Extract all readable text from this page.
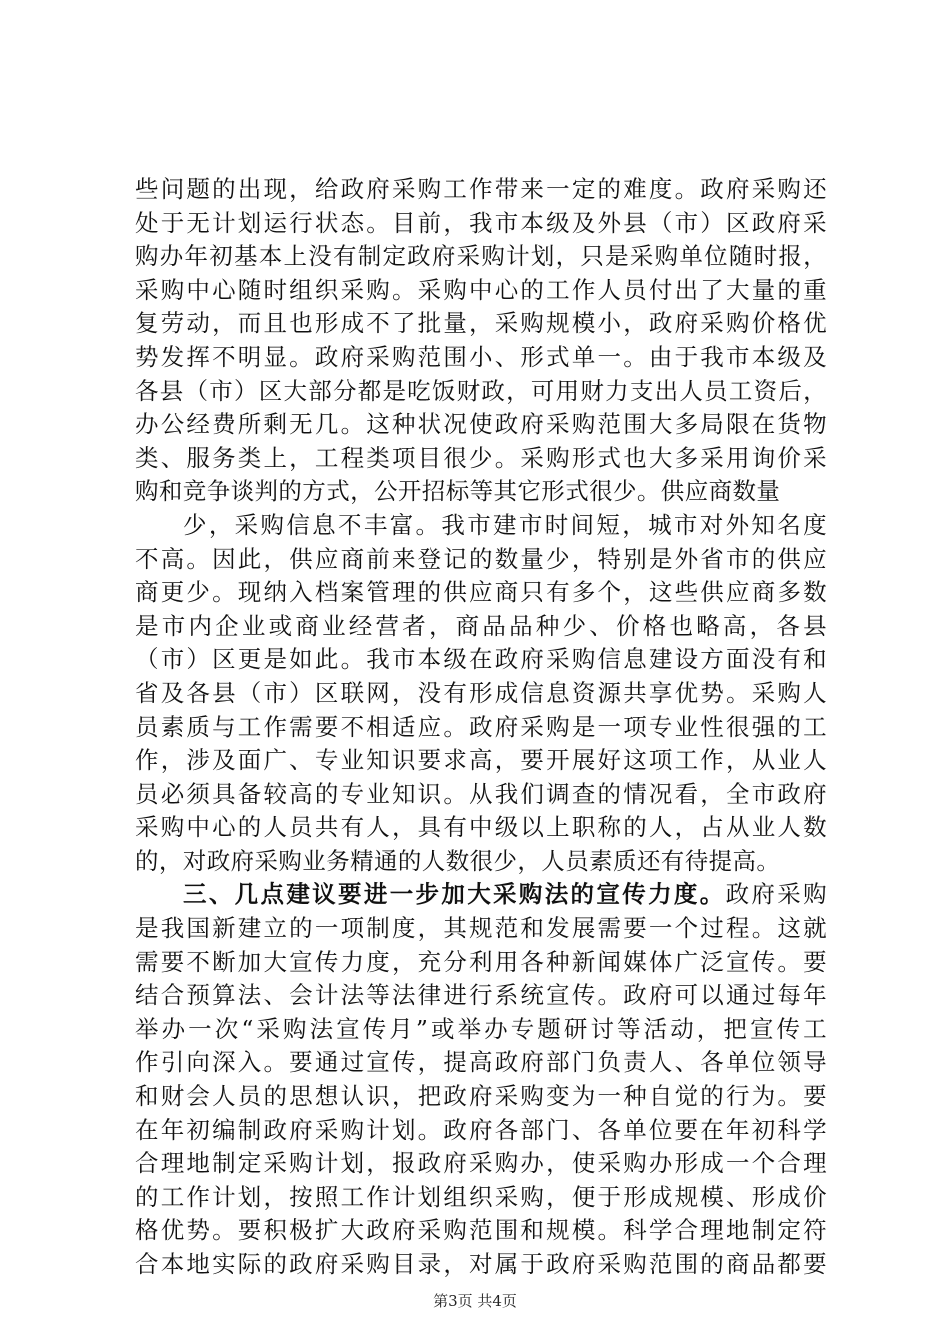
些问题的出现，给政府采购工作带来一定的难度。政府采购还
处于无计划运行状态。目前，我市本级及外县（市）区政府采
购办年初基本上没有制定政府采购计划，只是采购单位随时报，
采购中心随时组织采购。采购中心的工作人员付出了大量的重
复劳动，而且也形成不了批量，采购规模小，政府采购价格优
势发挥不明显。政府采购范围小、形式单一。由于我市本级及
各县（市）区大部分都是吃饭财政，可用财力支出人员工资后，
办公经费所剩无几。这种状况使政府采购范围大多局限在货物
类、服务类上，工程类项目很少。采购形式也大多采用询价采
购和竞争谈判的方式，公开招标等其它形式很少。供应商数量
少，采购信息不丰富。我市建市时间短，城市对外知名度
不高。因此，供应商前来登记的数量少，特别是外省市的供应
商更少。现纳入档案管理的供应商只有多个，这些供应商多数
是市内企业或商业经营者，商品品种少、价格也略高，各县
（市）区更是如此。我市本级在政府采购信息建设方面没有和
省及各县（市）区联网，没有形成信息资源共享优势。采购人
员素质与工作需要不相适应。政府采购是一项专业性很强的工
作，涉及面广、专业知识要求高，要开展好这项工作，从业人
员必须具备较高的专业知识。从我们调查的情况看，全市政府
采购中心的人员共有人，具有中级以上职称的人，占从业人数
的，对政府采购业务精通的人数很少，人员素质还有待提高。
三、几点建议要进一步加大采购法的宣传力度。政府采购
是我国新建立的一项制度，其规范和发展需要一个过程。这就
需要不断加大宣传力度，充分利用各种新闻媒体广泛宣传。要
结合预算法、会计法等法律进行系统宣传。政府可以通过每年
举办一次“采购法宣传月”或举办专题研讨等活动，把宣传工
作引向深入。要通过宣传，提高政府部门负责人、各单位领导
和财会人员的思想认识，把政府采购变为一种自觉的行为。要
在年初编制政府采购计划。政府各部门、各单位要在年初科学
合理地制定采购计划，报政府采购办，使采购办形成一个合理
的工作计划，按照工作计划组织采购，便于形成规模、形成价
格优势。要积极扩大政府采购范围和规模。科学合理地制定符
合本地实际的政府采购目录，对属于政府采购范围的商品都要
第3页 共4页
